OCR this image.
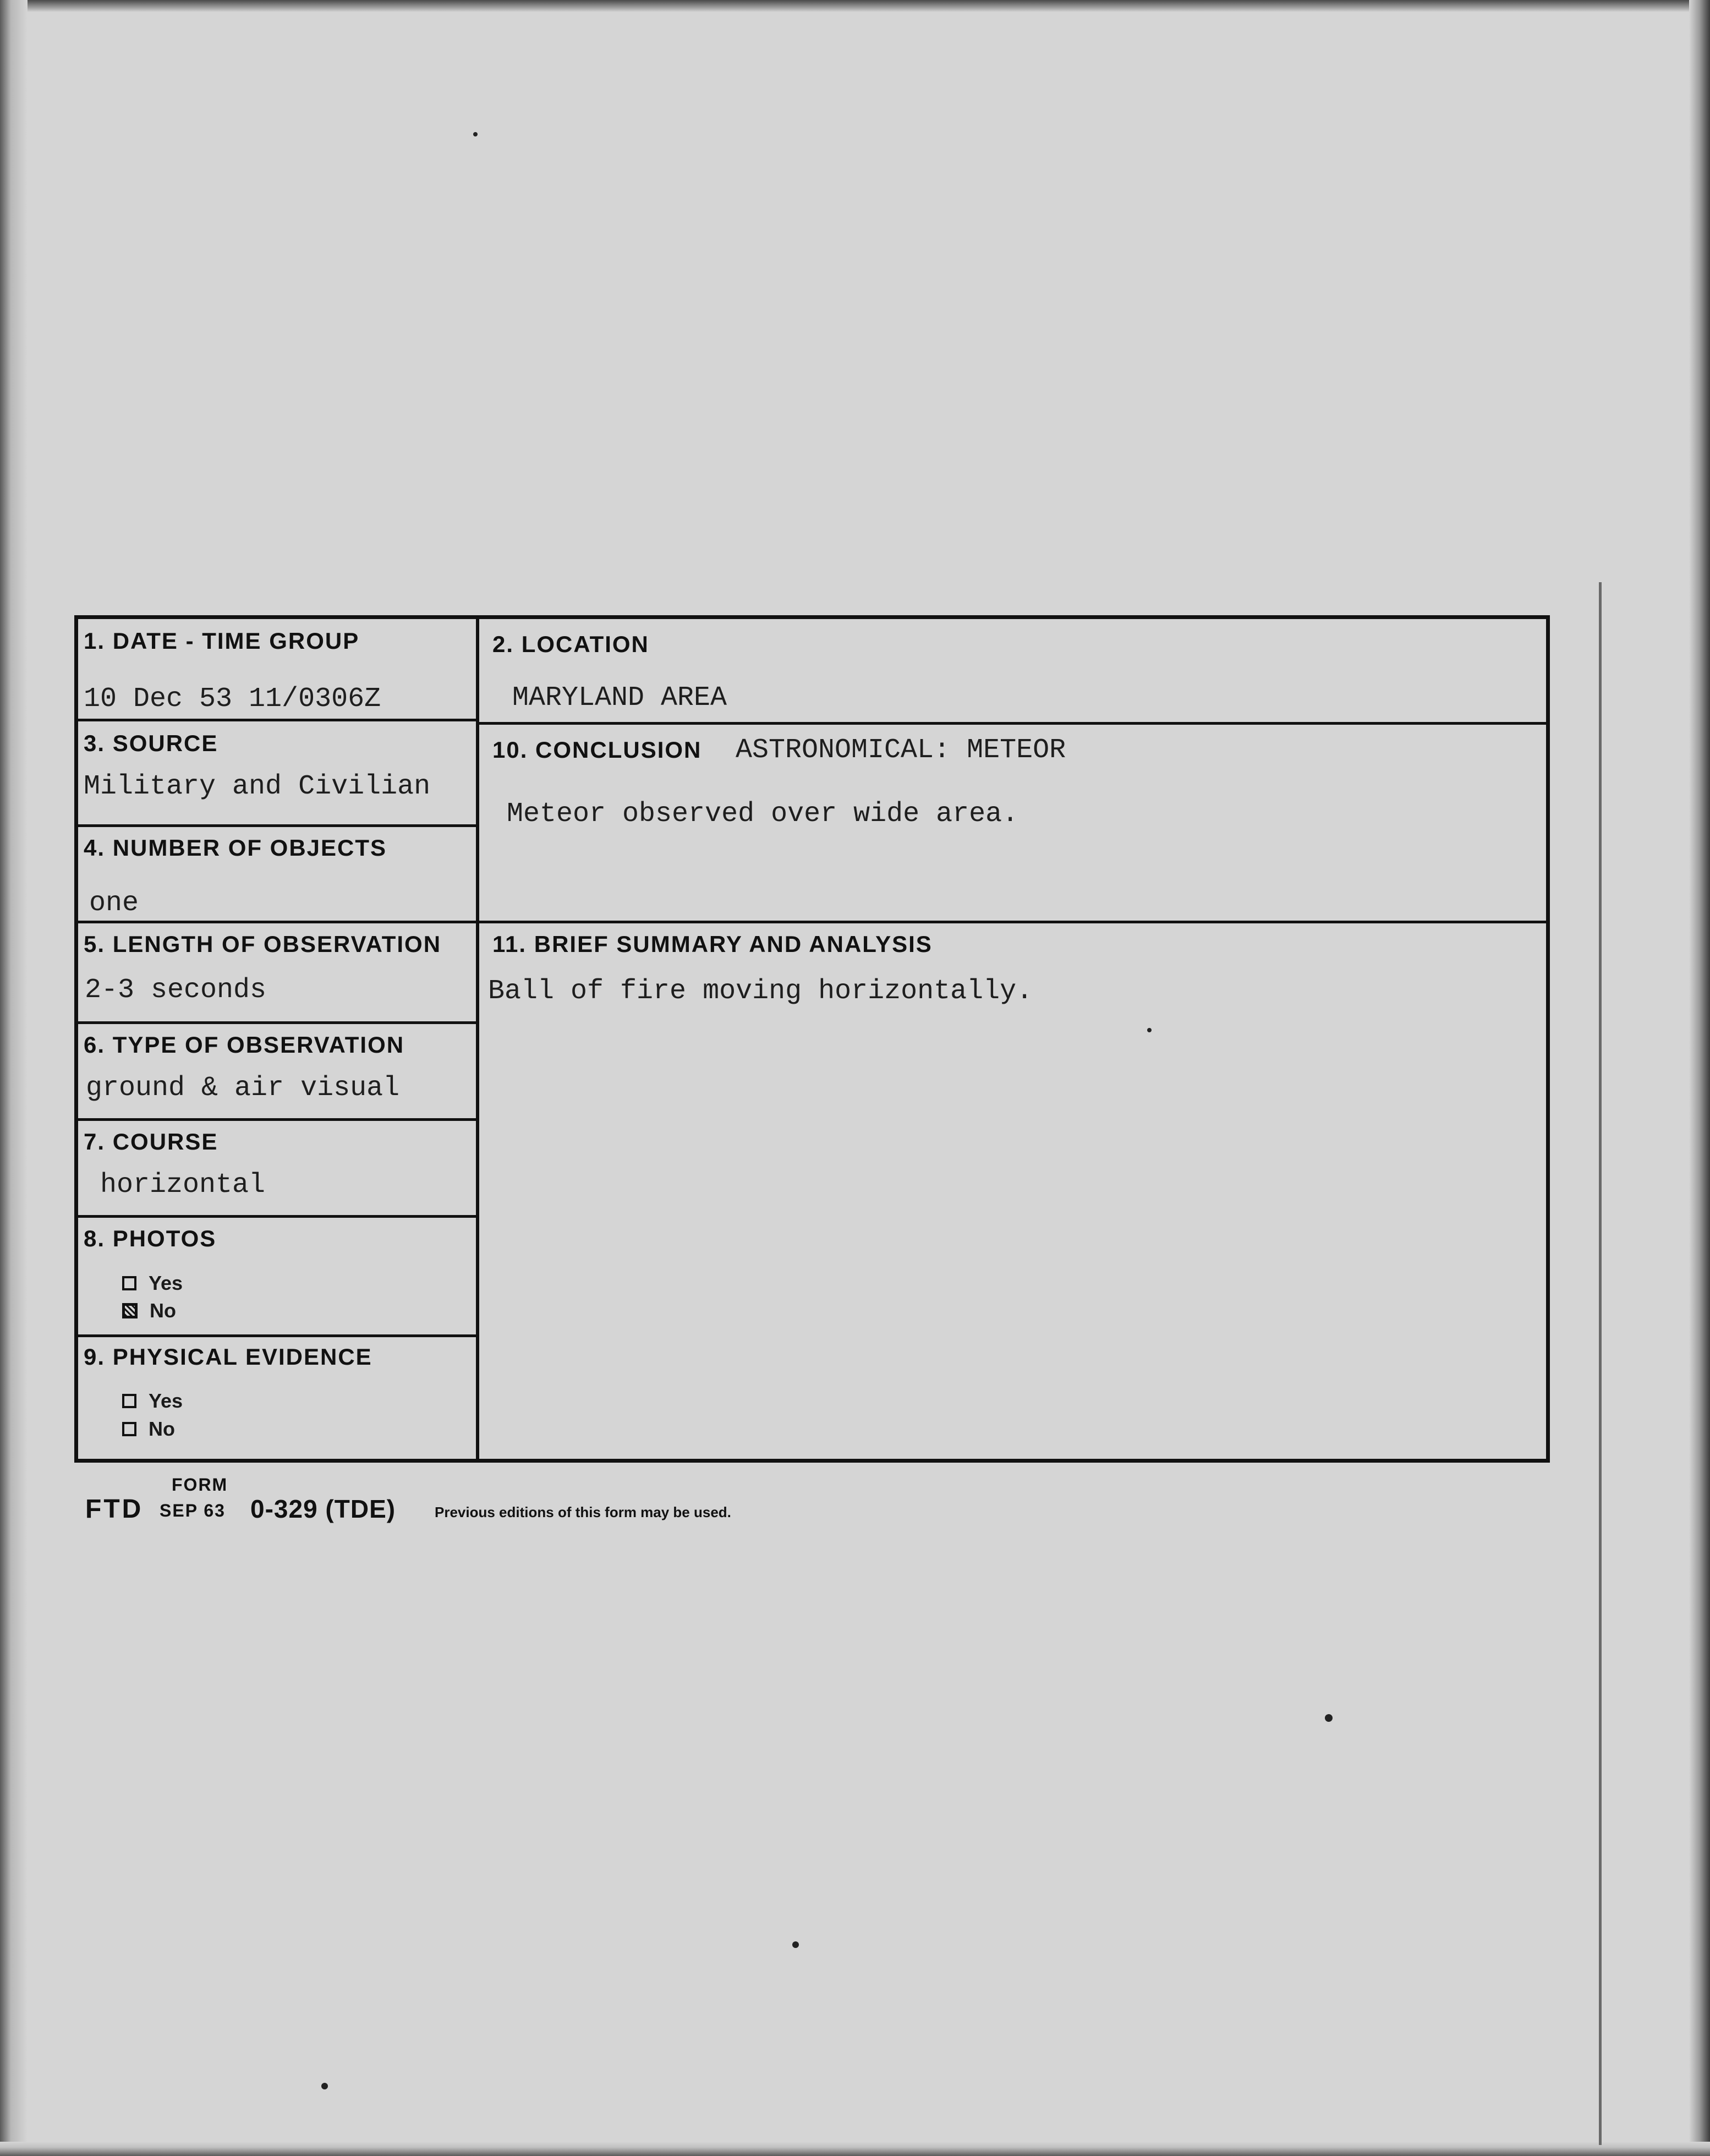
1. DATE - TIME GROUP
10 Dec 53 11/0306Z
3. SOURCE
Military and Civilian
4. NUMBER OF OBJECTS
one
5. LENGTH OF OBSERVATION
2-3 seconds
6. TYPE OF OBSERVATION
ground & air visual
7. COURSE
horizontal
8. PHOTOS
Yes
No
9. PHYSICAL EVIDENCE
Yes
No
2. LOCATION
MARYLAND AREA
10. CONCLUSION ASTRONOMICAL: METEOR
Meteor observed over wide area.
11. BRIEF SUMMARY AND ANALYSIS
Ball of fire moving horizontally.
FORM
FTD SEP 63 0-329 (TDE)	Previous editions of this form may be used.
